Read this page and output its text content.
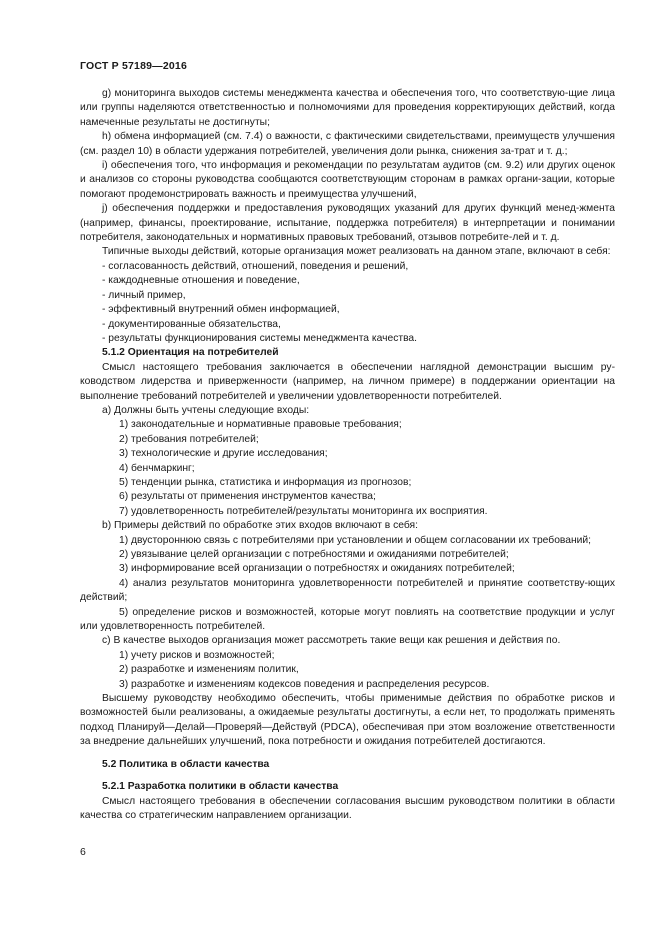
ГОСТ Р 57189—2016

g) мониторинга выходов системы менеджмента качества и обеспечения того, что соответствую-щие лица или группы наделяются ответственностью и полномочиями для проведения корректирующих действий, когда намеченные результаты не достигнуты;

h) обмена информацией (см. 7.4) о важности, с фактическими свидетельствами, преимуществ улучшения (см. раздел 10) в области удержания потребителей, увеличения доли рынка, снижения за-трат и т. д.;

i) обеспечения того, что информация и рекомендации по результатам аудитов (см. 9.2) или других оценок и анализов со стороны руководства сообщаются соответствующим сторонам в рамках органи-зации, которые помогают продемонстрировать важность и преимущества улучшений,

j) обеспечения поддержки и предоставления руководящих указаний для других функций менед-жмента (например, финансы, проектирование, испытание, поддержка потребителя) в интерпретации и понимании потребителя, законодательных и нормативных правовых требований, отзывов потребите-лей и т. д.

Типичные выходы действий, которые организация может реализовать на данном этапе, включают в себя:

- согласованность действий, отношений, поведения и решений,

- каждодневные отношения и поведение,

- личный пример,

- эффективный внутренний обмен информацией,

- документированные обязательства,

- результаты функционирования системы менеджмента качества.

5.1.2 Ориентация на потребителей

Смысл настоящего требования заключается в обеспечении наглядной демонстрации высшим ру-ководством лидерства и приверженности (например, на личном примере) в поддержании ориентации на выполнение требований потребителей и увеличении удовлетворенности потребителей.

a) Должны быть учтены следующие входы:

1) законодательные и нормативные правовые требования;

2) требования потребителей;

3) технологические и другие исследования;

4) бенчмаркинг;

5) тенденции рынка, статистика и информация из прогнозов;

6) результаты от применения инструментов качества;

7) удовлетворенность потребителей/результаты мониторинга их восприятия.

b) Примеры действий по обработке этих входов включают в себя:

1) двустороннюю связь с потребителями при установлении и общем согласовании их требований;

2) увязывание целей организации с потребностями и ожиданиями потребителей;

3) информирование всей организации о потребностях и ожиданиях потребителей;

4) анализ результатов мониторинга удовлетворенности потребителей и принятие соответству-ющих действий;

5) определение рисков и возможностей, которые могут повлиять на соответствие продукции и услуг или удовлетворенность потребителей.

c) В качестве выходов организация может рассмотреть такие вещи как решения и действия по.

1) учету рисков и возможностей;

2) разработке и изменениям политик,

3) разработке и изменениям кодексов поведения и распределения ресурсов.

Высшему руководству необходимо обеспечить, чтобы применимые действия по обработке рисков и возможностей были реализованы, а ожидаемые результаты достигнуты, а если нет, то продолжать применять подход Планируй—Делай—Проверяй—Действуй (PDCA), обеспечивая при этом возложение ответственности за внедрение дальнейших улучшений, пока потребности и ожидания потребителей достигаются.

5.2 Политика в области качества

5.2.1 Разработка политики в области качества

Смысл настоящего требования в обеспечении согласования высшим руководством политики в области качества со стратегическим направлением организации.

6
